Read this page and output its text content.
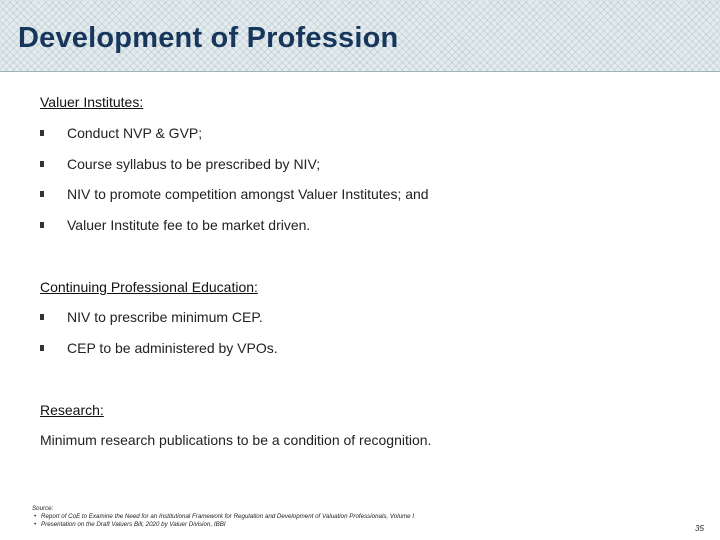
Development of Profession
Valuer Institutes:
Conduct NVP & GVP;
Course syllabus to be prescribed by NIV;
NIV to promote competition amongst Valuer Institutes; and
Valuer Institute fee to be market driven.
Continuing Professional Education:
NIV to prescribe minimum CEP.
CEP to be administered by VPOs.
Research:
Minimum research publications to be a condition of recognition.
Source:
• Report of CoE to Examine the Need for an Institutional Framework for Regulation and Development of Valuation Professionals, Volume I
• Presentation on the Draft Valuers Bill, 2020 by Valuer Division, IBBI	35
